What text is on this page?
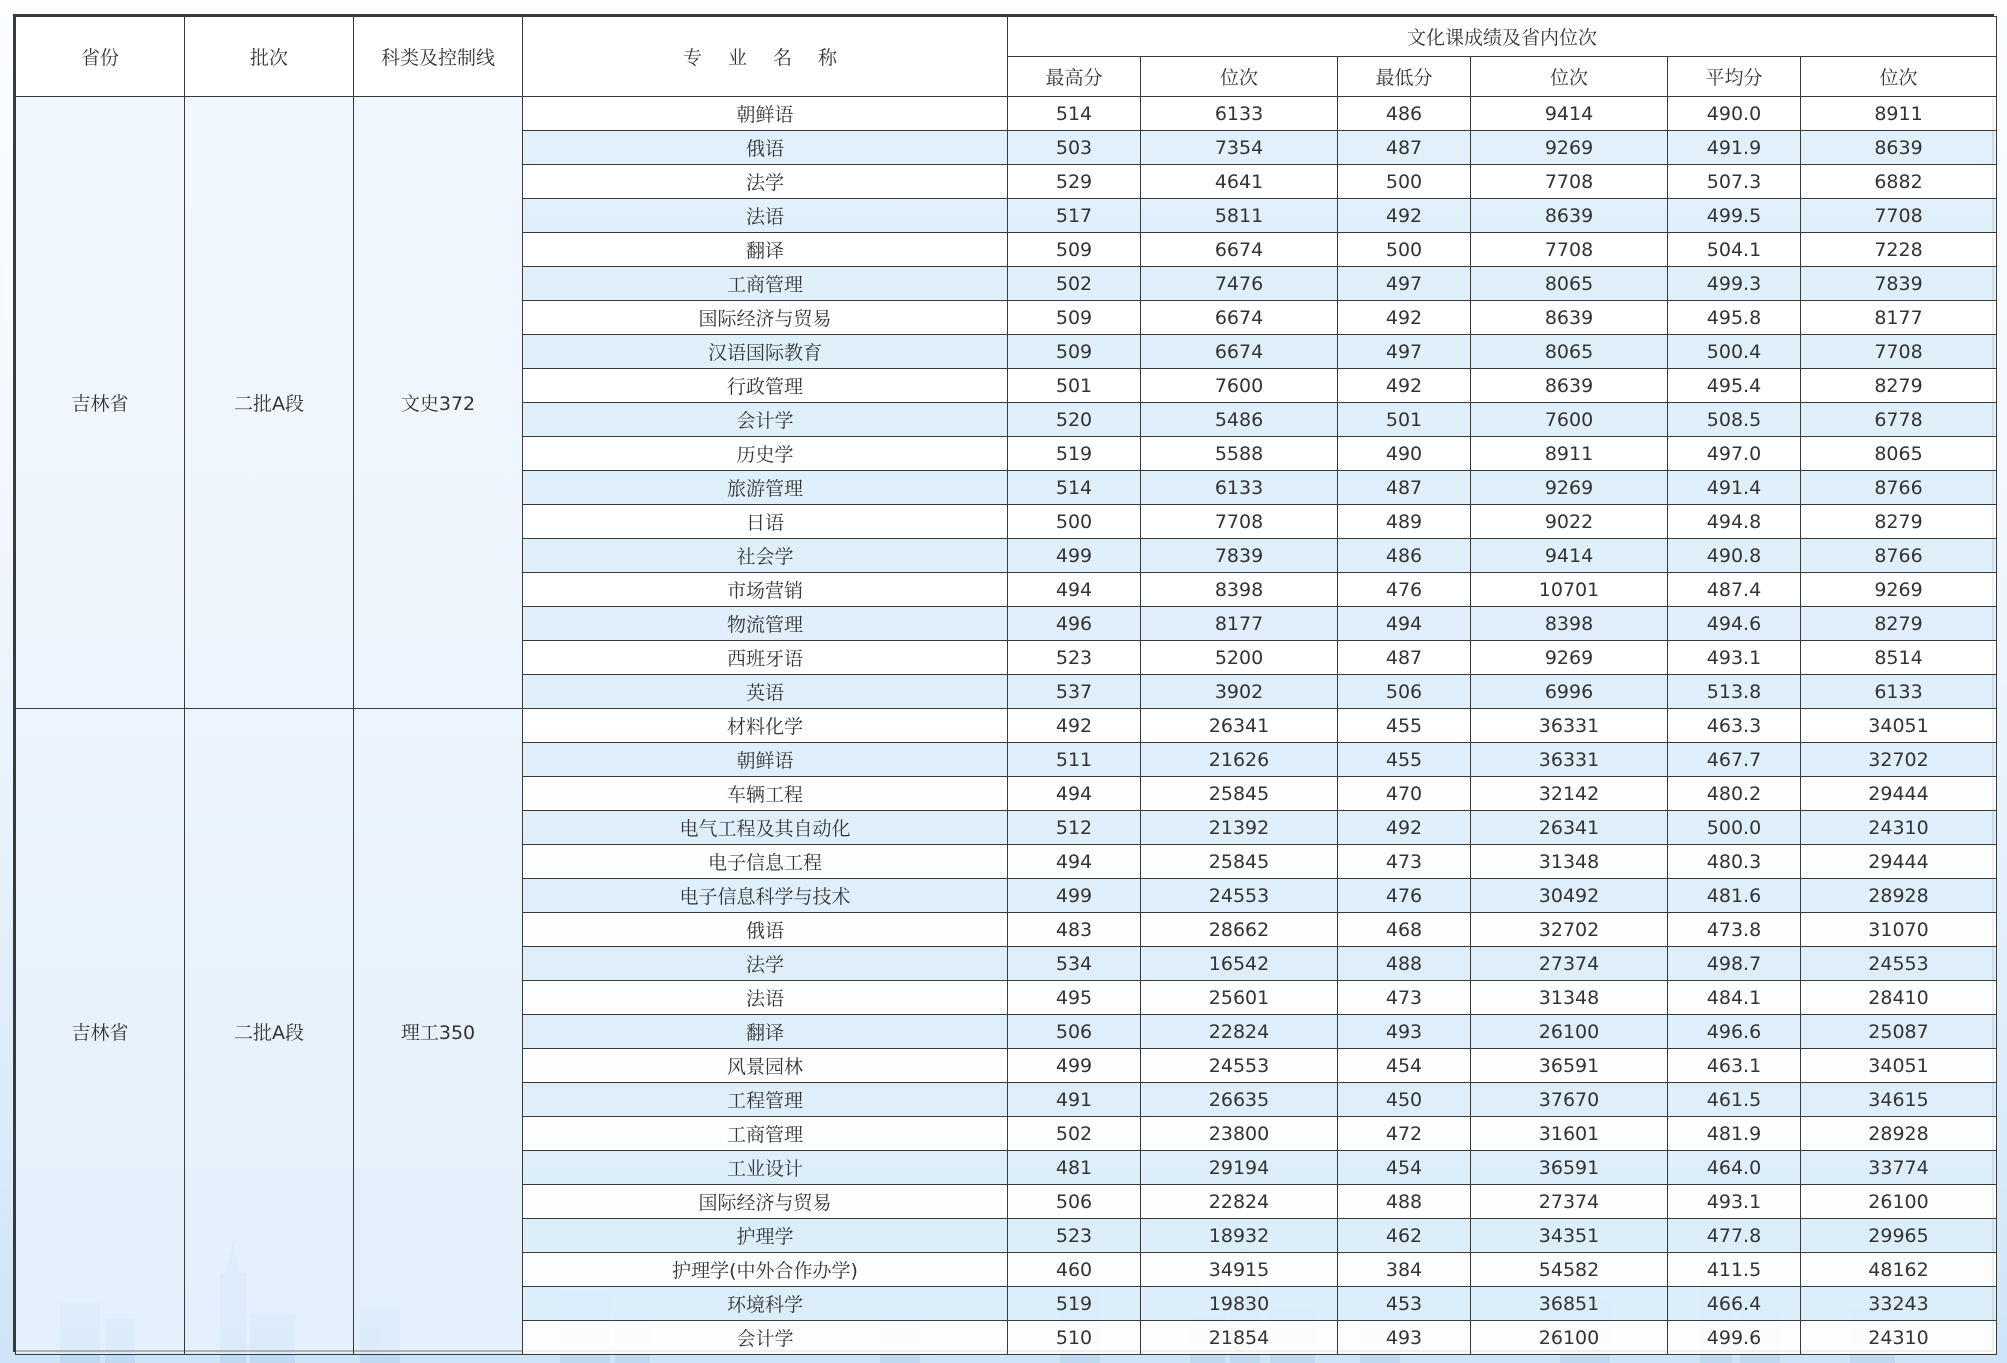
省份	批次	科类及控制线	专 业 名 称	文化课成绩及省内位次					
				最高分	位次	最低分	位次	平均分	位次
吉林省	二批A段	文史372	朝鲜语	514	6133	486	9414	490.0	8911
			俄语	503	7354	487	9269	491.9	8639
			法学	529	4641	500	7708	507.3	6882
			法语	517	5811	492	8639	499.5	7708
			翻译	509	6674	500	7708	504.1	7228
			工商管理	502	7476	497	8065	499.3	7839
			国际经济与贸易	509	6674	492	8639	495.8	8177
			汉语国际教育	509	6674	497	8065	500.4	7708
			行政管理	501	7600	492	8639	495.4	8279
			会计学	520	5486	501	7600	508.5	6778
			历史学	519	5588	490	8911	497.0	8065
			旅游管理	514	6133	487	9269	491.4	8766
			日语	500	7708	489	9022	494.8	8279
			社会学	499	7839	486	9414	490.8	8766
			市场营销	494	8398	476	10701	487.4	9269
			物流管理	496	8177	494	8398	494.6	8279
			西班牙语	523	5200	487	9269	493.1	8514
			英语	537	3902	506	6996	513.8	6133
吉林省	二批A段	理工350	材料化学	492	26341	455	36331	463.3	34051
			朝鲜语	511	21626	455	36331	467.7	32702
			车辆工程	494	25845	470	32142	480.2	29444
			电气工程及其自动化	512	21392	492	26341	500.0	24310
			电子信息工程	494	25845	473	31348	480.3	29444
			电子信息科学与技术	499	24553	476	30492	481.6	28928
			俄语	483	28662	468	32702	473.8	31070
			法学	534	16542	488	27374	498.7	24553
			法语	495	25601	473	31348	484.1	28410
			翻译	506	22824	493	26100	496.6	25087
			风景园林	499	24553	454	36591	463.1	34051
			工程管理	491	26635	450	37670	461.5	34615
			工商管理	502	23800	472	31601	481.9	28928
			工业设计	481	29194	454	36591	464.0	33774
			国际经济与贸易	506	22824	488	27374	493.1	26100
			护理学	523	18932	462	34351	477.8	29965
			护理学(中外合作办学)	460	34915	384	54582	411.5	48162
			环境科学	519	19830	453	36851	466.4	33243
			会计学	510	21854	493	26100	499.6	24310
